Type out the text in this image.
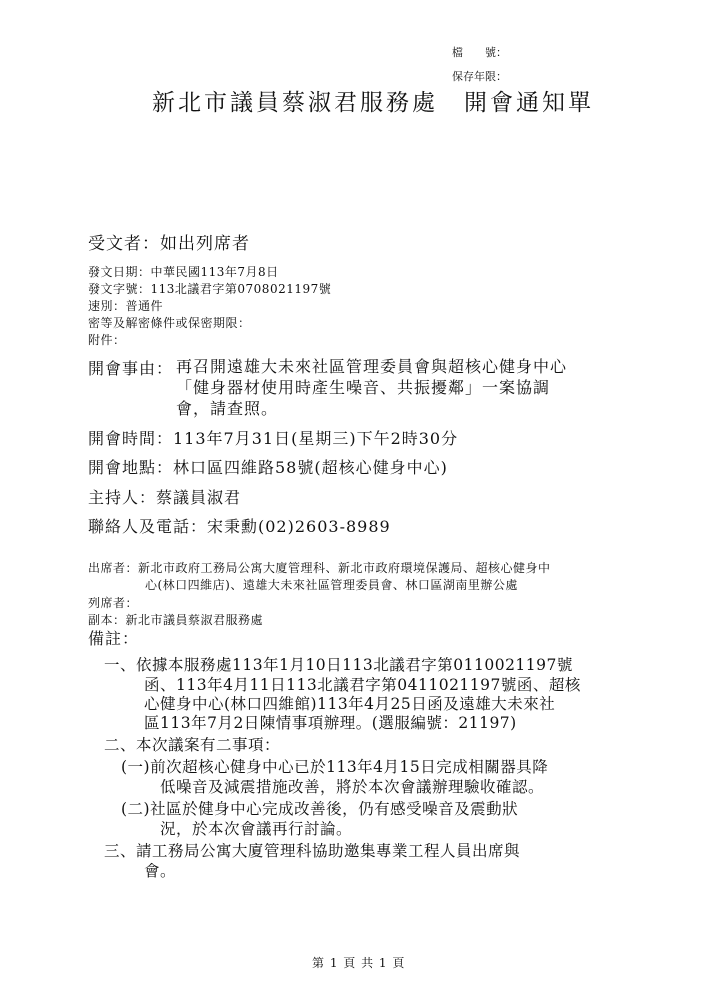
檔　　號：
保存年限：
新北市議員蔡淑君服務處　開會通知單
受文者：如出列席者
發文日期：中華民國113年7月8日
發文字號：113北議君字第0708021197號
速別：普通件
密等及解密條件或保密期限：
附件：
開會事由： 再召開遠雄大未來社區管理委員會與超核心健身中心
「健身器材使用時產生噪音、共振擾鄰」一案協調
會，請查照。
開會時間：113年7月31日(星期三)下午2時30分
開會地點：林口區四維路58號(超核心健身中心)
主持人：蔡議員淑君
聯絡人及電話：宋秉勳(02)2603-8989
出席者：新北市政府工務局公寓大廈管理科、新北市政府環境保護局、超核心健身中
心(林口四維店)、遠雄大未來社區管理委員會、林口區湖南里辦公處
列席者：
副本：新北市議員蔡淑君服務處
備註：
一、依據本服務處113年1月10日113北議君字第0110021197號
函、113年4月11日113北議君字第0411021197號函、超核
心健身中心(林口四維館)113年4月25日函及遠雄大未來社
區113年7月2日陳情事項辦理。(選服編號：21197)
二、本次議案有二事項：
(一)前次超核心健身中心已於113年4月15日完成相關器具降
低噪音及減震措施改善，將於本次會議辦理驗收確認。
(二)社區於健身中心完成改善後，仍有感受噪音及震動狀
況，於本次會議再行討論。
三、請工務局公寓大廈管理科協助邀集專業工程人員出席與
會。
第 1 頁 共 1 頁
